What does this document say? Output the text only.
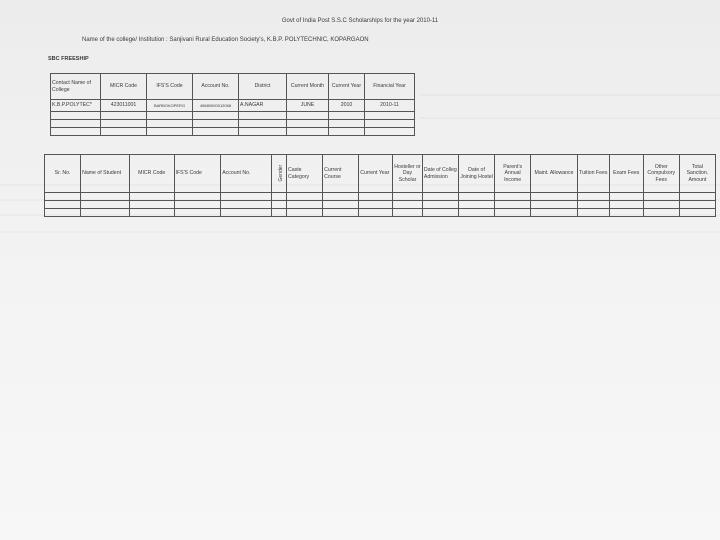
Govt of India Post S.S.C Scholarships for the year 2010-11
Name of the college/ Institution : Sanjivani Rural Education Society's, K.B.P. POLYTECHNIC, KOPARGAON
SBC FREESHIP
Contact Name of College	MICR Code	IFS'S Code	Account No.	District	Current Month	Current Year	Financial Year
K.B.P.POLYTEC*	423011001	BARBOKOPERG	45680000012068	A.NAGAR	JUNE	2010	2010-11

Sr. No.	Name of Student	MICR Code	IFS'S Code	Account No.	Gender	Caste Category	Current Course	Current Year	Hosteller or Day Scholar	Date of Colleg Admission	Date of Joining Hostel	Parent's Annual Income	Maint. Allowance	Tuition Fees	Exam Fees	Other Compulsory Fees	Total Sanction. Amount
